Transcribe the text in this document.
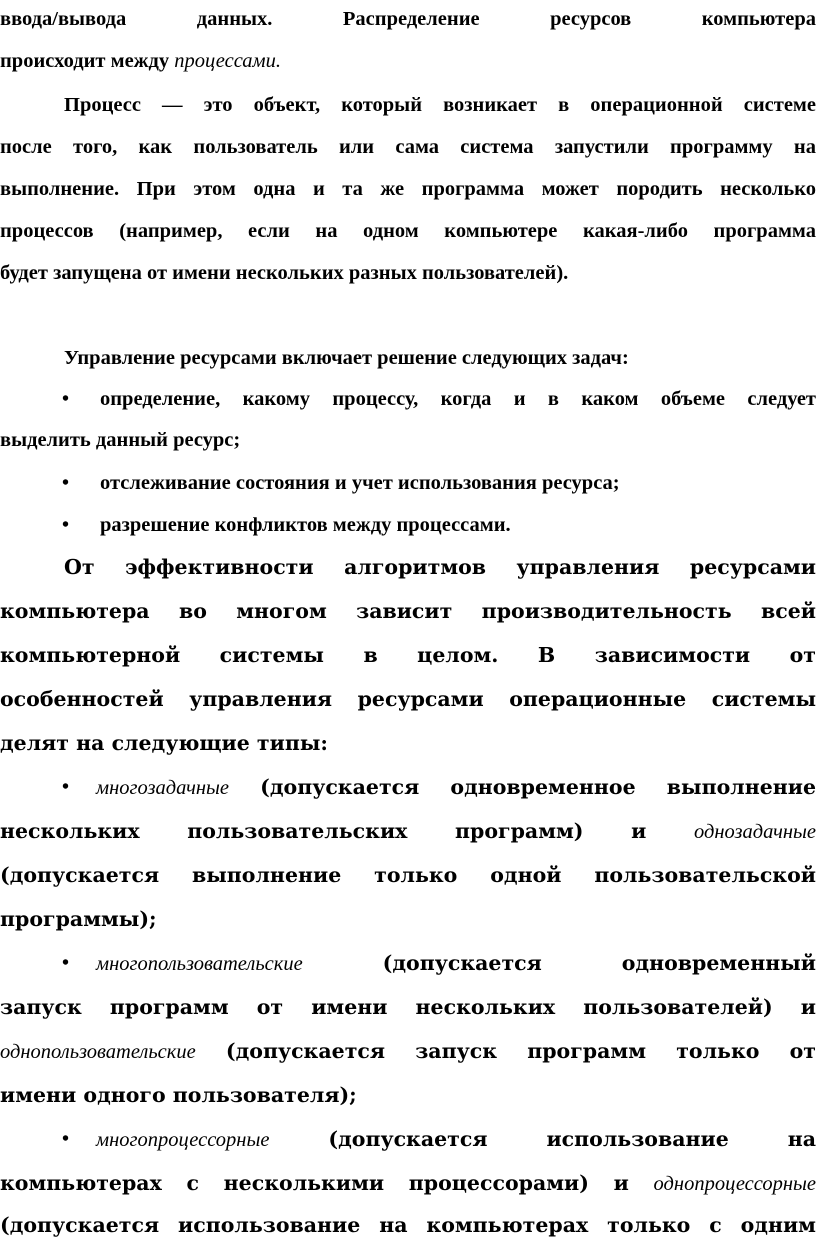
ввода/вывода данных. Распределение ресурсов компьютера
происходит между процессами.
Процесс — это объект, который возникает в операционной системе
после того, как пользователь или сама система запустили программу на
выполнение. При этом одна и та же программа может породить несколько
процессов (например, если на одном компьютере какая-либо программа
будет запущена от имени нескольких разных пользователей).
Управление ресурсами включает решение следующих задач:
•	определение, какому процессу, когда и в каком объеме следует
выделить данный ресурс;
•	отслеживание состояния и учет использования ресурса;
•	разрешение конфликтов между процессами.
От эффективности алгоритмов управления ресурсами
компьютера во многом зависит производительность всей
компьютерной системы в целом. В зависимости от
особенностей управления ресурсами операционные системы
делят на следующие типы:
•	многозадачные (допускается одновременное выполнение
нескольких пользовательских программ) и однозадачные
(допускается выполнение только одной пользовательской
программы);
•	многопользовательские (допускается одновременный
запуск программ от имени нескольких пользователей) и
однопользовательские (допускается запуск программ только от
имени одного пользователя);
•	многопроцессорные (допускается использование на
компьютерах с несколькими процессорами) и однопроцессорные
(допускается использование на компьютерах только с одним
